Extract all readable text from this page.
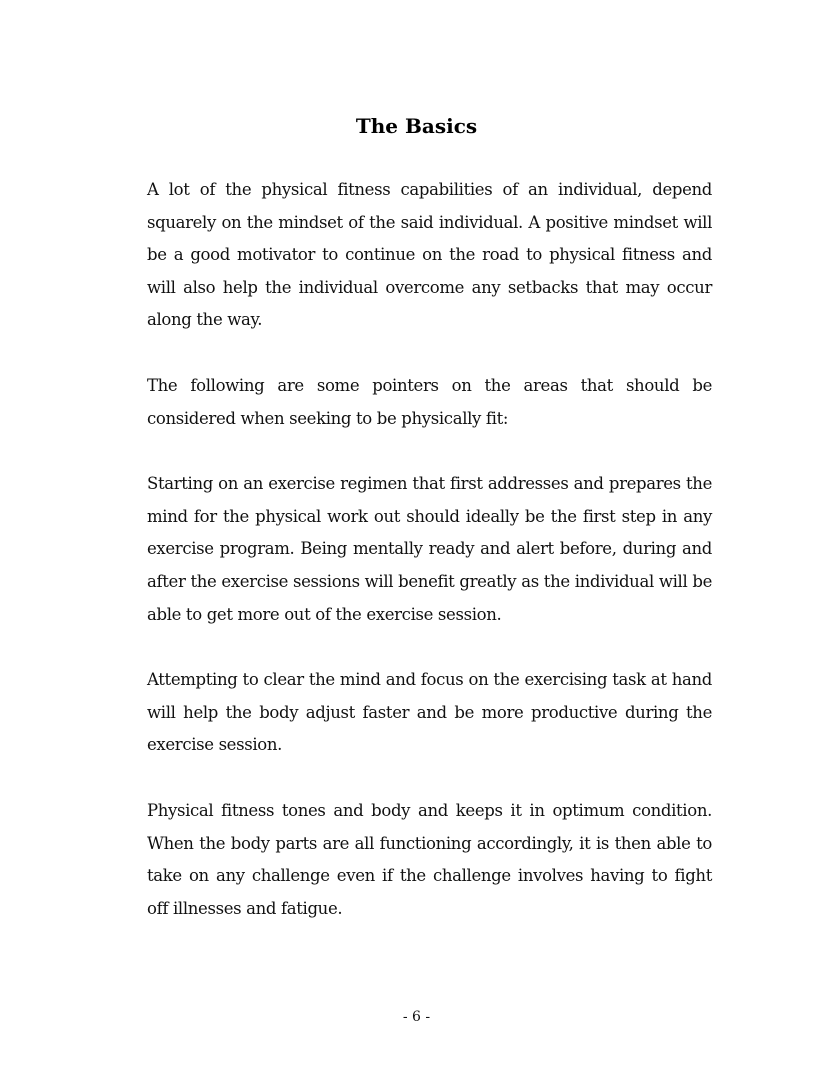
The Basics

A lot of the physical fitness capabilities of an individual, depend squarely on the mindset of the said individual. A positive mindset will be a good motivator to continue on the road to physical fitness and will also help the individual overcome any setbacks that may occur along the way.

The following are some pointers on the areas that should be considered when seeking to be physically fit:

Starting on an exercise regimen that first addresses and prepares the mind for the physical work out should ideally be the first step in any exercise program. Being mentally ready and alert before, during and after the exercise sessions will benefit greatly as the individual will be able to get more out of the exercise session.

Attempting to clear the mind and focus on the exercising task at hand will help the body adjust faster and be more productive during the exercise session.

Physical fitness tones and body and keeps it in optimum condition. When the body parts are all functioning accordingly, it is then able to take on any challenge even if the challenge involves having to fight off illnesses and fatigue.

- 6 -
